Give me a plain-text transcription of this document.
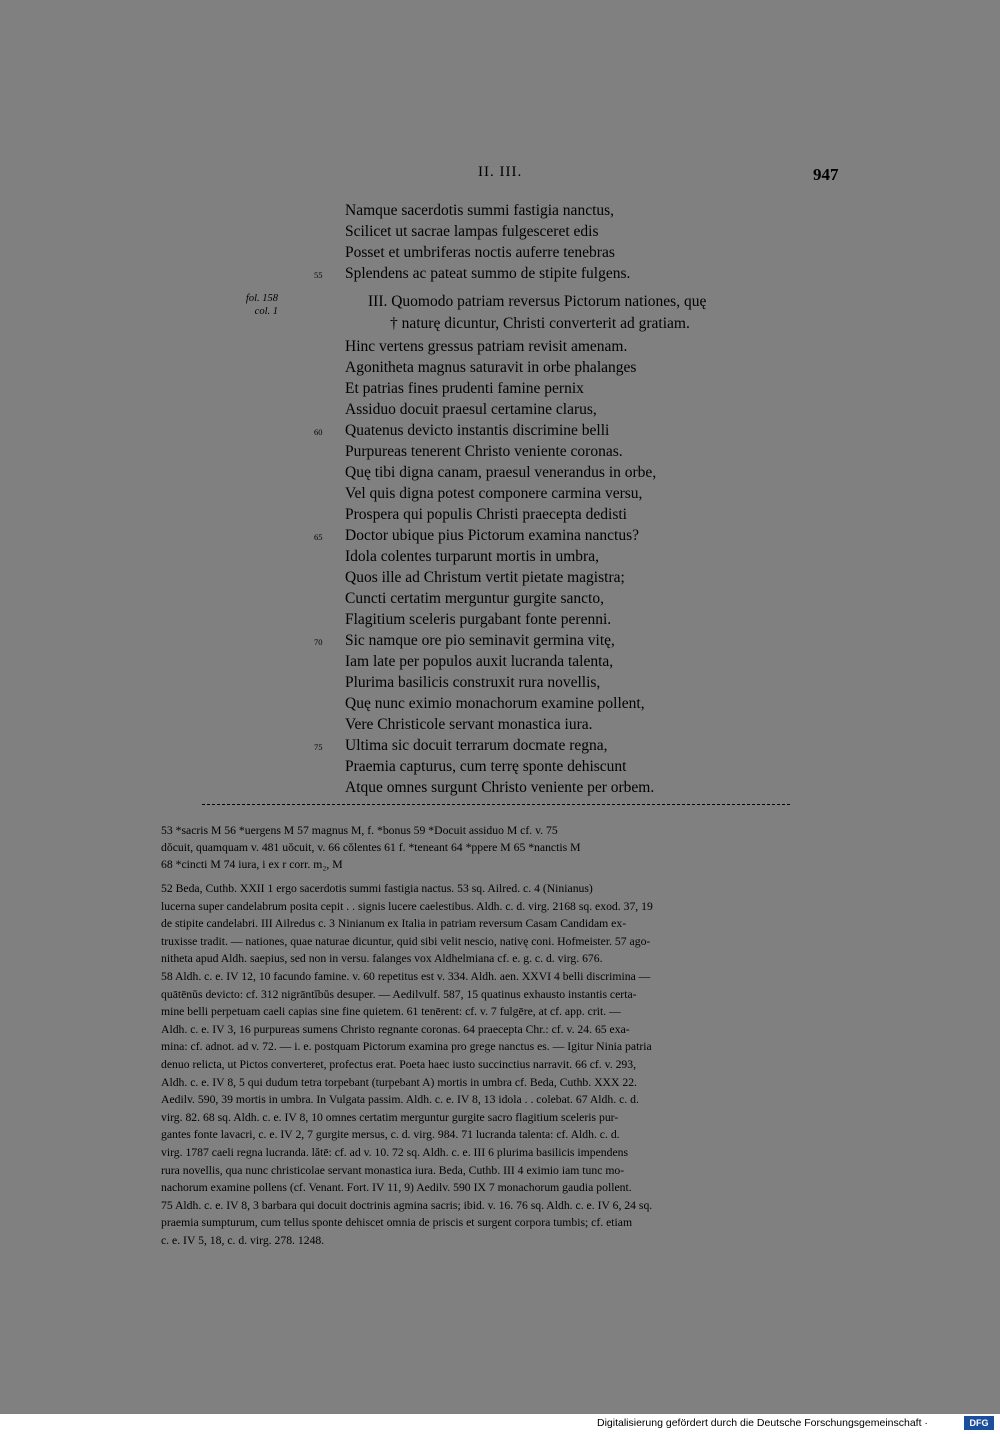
II. III.	947
Namque sacerdotis summi fastigia nanctus,
Scilicet ut sacrae lampas fulgesceret edis
Posset et umbriferas noctis auferre tenebras
55 Splendens ac pateat summo de stipite fulgens.
fol. 158
col. 1
III. Quomodo patriam reversus Pictorum nationes, quę
† naturę dicuntur, Christi converterit ad gratiam.
Hinc vertens gressus patriam revisit amenam.
Agonitheta magnus saturavit in orbe phalanges
Et patrias fines prudenti famine pernix
Assiduo docuit praesul certamine clarus,
60 Quatenus devicto instantis discrimine belli
Purpureas tenerent Christo veniente coronas.
Quę tibi digna canam, praesul venerandus in orbe,
Vel quis digna potest componere carmina versu,
Prospera qui populis Christi praecepta dedisti
65 Doctor ubique pius Pictorum examina nanctus?
Idola colentes turparunt mortis in umbra,
Quos ille ad Christum vertit pietate magistra;
Cuncti certatim merguntur gurgite sancto,
Flagitium sceleris purgabant fonte perenni.
70 Sic namque ore pio seminavit germina vitę,
Iam late per populos auxit lucranda talenta,
Plurima basilicis construxit rura novellis,
Quę nunc eximio monachorum examine pollent,
Vere Christicole servant monastica iura.
75 Ultima sic docuit terrarum docmate regna,
Praemia capturus, cum terrę sponte dehiscunt
Atque omnes surgunt Christo veniente per orbem.
53 *sacris M 56 *uergens M 57 magnus M, f. *bonus 59 *Docuit assiduo M cf. v. 75
dŏcuit, quamquam v. 481 uŏcuit, v. 66 cŏlentes 61 f. *teneant 64 *ppere M 65 *nanctis M
68 *cincti M 74 iura, i ex r corr. m₂, M
52 Beda, Cuthb. XXII 1 ergo sacerdotis summi fastigia nactus. 53 sq. Ailred. c. 4 (Ninianus)
lucerna super candelabrum posita cepit . . signis lucere caelestibus. Aldh. c. d. virg. 2168 sq. exod. 37, 19
de stipite candelabri. III Ailredus c. 3 Ninianum ex Italia in patriam reversum Casam Candidam ex-
truxisse tradit. — nationes, quae naturae dicuntur, quid sibi velit nescio, nativę coni. Hofmeister. 57 ago-
nitheta apud Aldh. saepius, sed non in versu. falanges vox Aldhelmiana cf. e. g. c. d. virg. 676.
58 Aldh. c. e. IV 12, 10 facundo famine. v. 60 repetitus est v. 334. Aldh. aen. XXVI 4 belli discrimina —
quātēnŭs devicto: cf. 312 nigrāntĭbŭs desuper. — Aedilvulf. 587, 15 quatinus exhausto instantis certa-
mine belli perpetuam caeli capias sine fine quietem. 61 tenērent: cf. v. 7 fulgēre, at cf. app. crit. —
Aldh. c. e. IV 3, 16 purpureas sumens Christo regnante coronas. 64 praecepta Chr.: cf. v. 24. 65 exa-
mina: cf. adnot. ad v. 72. — i. e. postquam Pictorum examina pro grege nanctus es. — Igitur Ninia patria
denuo relicta, ut Pictos converteret, profectus erat. Poeta haec iusto succinctius narravit. 66 cf. v. 293,
Aldh. c. e. IV 8, 5 qui dudum tetra torpebant (turpebant A) mortis in umbra cf. Beda, Cuthb. XXX 22.
Aedilv. 590, 39 mortis in umbra. In Vulgata passim. Aldh. c. e. IV 8, 13 idola . . colebat. 67 Aldh. c. d.
virg. 82. 68 sq. Aldh. c. e. IV 8, 10 omnes certatim merguntur gurgite sacro flagitium sceleris pur-
gantes fonte lavacri, c. e. IV 2, 7 gurgite mersus, c. d. virg. 984. 71 lucranda talenta: cf. Aldh. c. d.
virg. 1787 caeli regna lucranda. lătē: cf. ad v. 10. 72 sq. Aldh. c. e. III 6 plurima basilicis impendens
rura novellis, qua nunc christicolae servant monastica iura. Beda, Cuthb. III 4 eximio iam tunc mo-
nachorum examine pollens (cf. Venant. Fort. IV 11, 9) Aedilv. 590 IX 7 monachorum gaudia pollent.
75 Aldh. c. e. IV 8, 3 barbara qui docuit doctrinis agmina sacris; ibid. v. 16. 76 sq. Aldh. c. e. IV 6, 24 sq.
praemia sumpturum, cum tellus sponte dehiscet omnia de priscis et surgent corpora tumbis; cf. etiam
c. e. IV 5, 18, c. d. virg. 278. 1248.
Digitalisierung gefördert durch die Deutsche Forschungsgemeinschaft ·	DFG
